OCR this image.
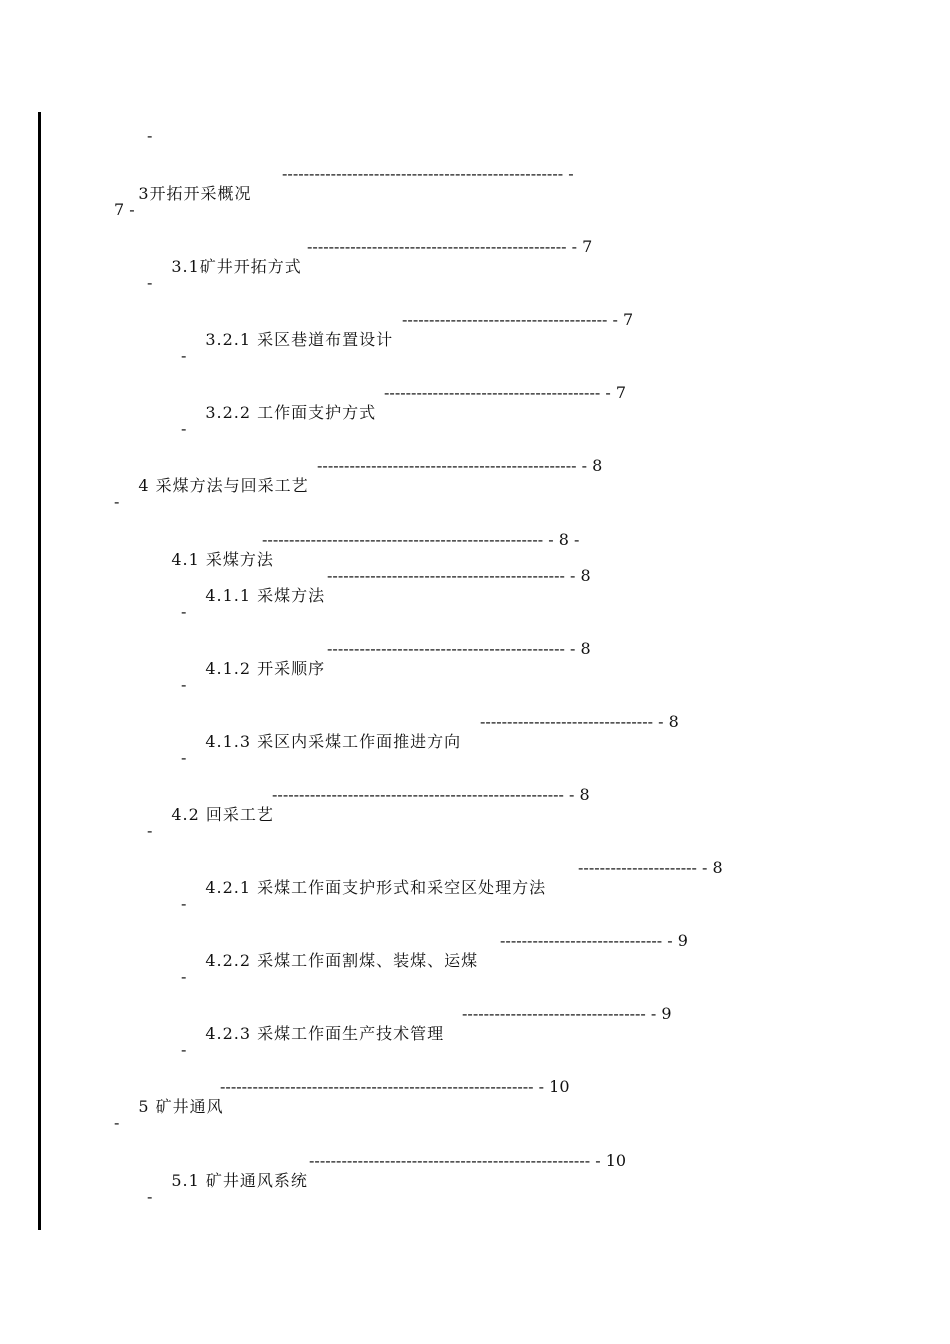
-

3开拓开采概况

---------------------------------------------------- -
7 -

3.1矿井开拓方式

------------------------------------------------ - 7
-

3.2.1 采区巷道布置设计

-------------------------------------- - 7
-

3.2.2 工作面支护方式

---------------------------------------- - 7
-

4 采煤方法与回采工艺

------------------------------------------------ - 8
-

4.1 采煤方法

---------------------------------------------------- - 8 -

4.1.1 采煤方法

-------------------------------------------- - 8
-

4.1.2 开采顺序

-------------------------------------------- - 8
-

4.1.3 采区内采煤工作面推进方向

-------------------------------- - 8
-

4.2 回采工艺

------------------------------------------------------ - 8
-

4.2.1 采煤工作面支护形式和采空区处理方法

---------------------- - 8
-

4.2.2 采煤工作面割煤、装煤、运煤

------------------------------ - 9
-

4.2.3 采煤工作面生产技术管理

---------------------------------- - 9
-

5 矿井通风

---------------------------------------------------------- - 10
-

5.1 矿井通风系统

---------------------------------------------------- - 10
-
